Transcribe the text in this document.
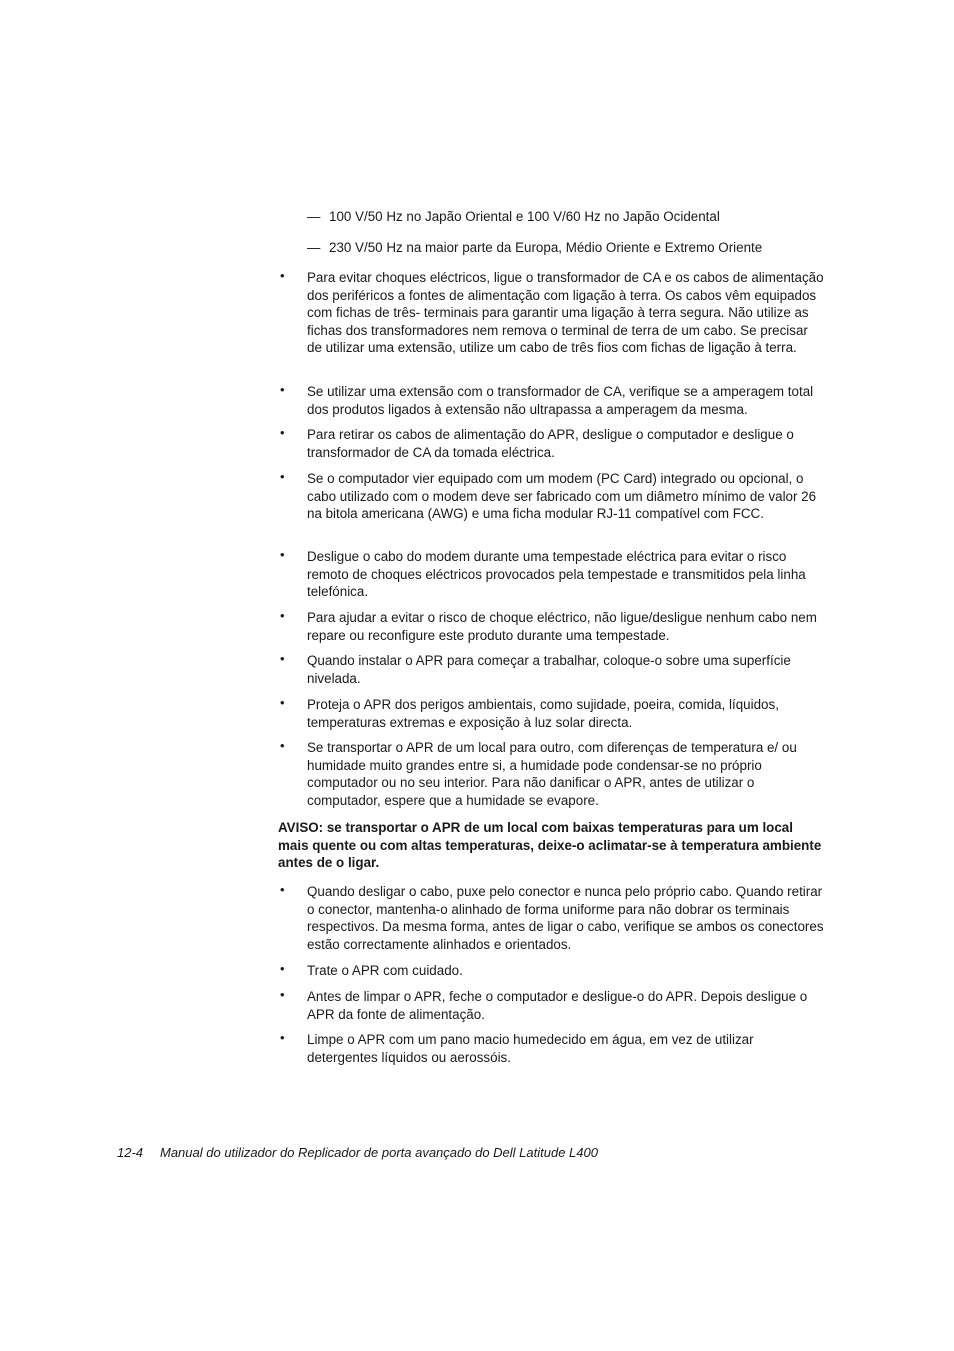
— 100 V/50 Hz no Japão Oriental e 100 V/60 Hz no Japão Ocidental
— 230 V/50 Hz na maior parte da Europa, Médio Oriente e Extremo Oriente
• Para evitar choques eléctricos, ligue o transformador de CA e os cabos de alimentação dos periféricos a fontes de alimentação com ligação à terra. Os cabos vêm equipados com fichas de três- terminais para garantir uma ligação à terra segura. Não utilize as fichas dos transformadores nem remova o terminal de terra de um cabo. Se precisar de utilizar uma extensão, utilize um cabo de três fios com fichas de ligação à terra.
• Se utilizar uma extensão com o transformador de CA, verifique se a amperagem total dos produtos ligados à extensão não ultrapassa a amperagem da mesma.
• Para retirar os cabos de alimentação do APR, desligue o computador e desligue o transformador de CA da tomada eléctrica.
• Se o computador vier equipado com um modem (PC Card) integrado ou opcional, o cabo utilizado com o modem deve ser fabricado com um diâmetro mínimo de valor 26 na bitola americana (AWG) e uma ficha modular RJ-11 compatível com FCC.
• Desligue o cabo do modem durante uma tempestade eléctrica para evitar o risco remoto de choques eléctricos provocados pela tempestade e transmitidos pela linha telefónica.
• Para ajudar a evitar o risco de choque eléctrico, não ligue/desligue nenhum cabo nem repare ou reconfigure este produto durante uma tempestade.
• Quando instalar o APR para começar a trabalhar, coloque-o sobre uma superfície nivelada.
• Proteja o APR dos perigos ambientais, como sujidade, poeira, comida, líquidos, temperaturas extremas e exposição à luz solar directa.
• Se transportar o APR de um local para outro, com diferenças de temperatura e/ ou humidade muito grandes entre si, a humidade pode condensar-se no próprio computador ou no seu interior. Para não danificar o APR, antes de utilizar o computador, espere que a humidade se evapore.
AVISO: se transportar o APR de um local com baixas temperaturas para um local mais quente ou com altas temperaturas, deixe-o aclimatar-se à temperatura ambiente antes de o ligar.
• Quando desligar o cabo, puxe pelo conector e nunca pelo próprio cabo. Quando retirar o conector, mantenha-o alinhado de forma uniforme para não dobrar os terminais respectivos. Da mesma forma, antes de ligar o cabo, verifique se ambos os conectores estão correctamente alinhados e orientados.
• Trate o APR com cuidado.
• Antes de limpar o APR, feche o computador e desligue-o do APR. Depois desligue o APR da fonte de alimentação.
• Limpe o APR com um pano macio humedecido em água, em vez de utilizar detergentes líquidos ou aerossóis.
12-4 Manual do utilizador do Replicador de porta avançado do Dell Latitude L400
